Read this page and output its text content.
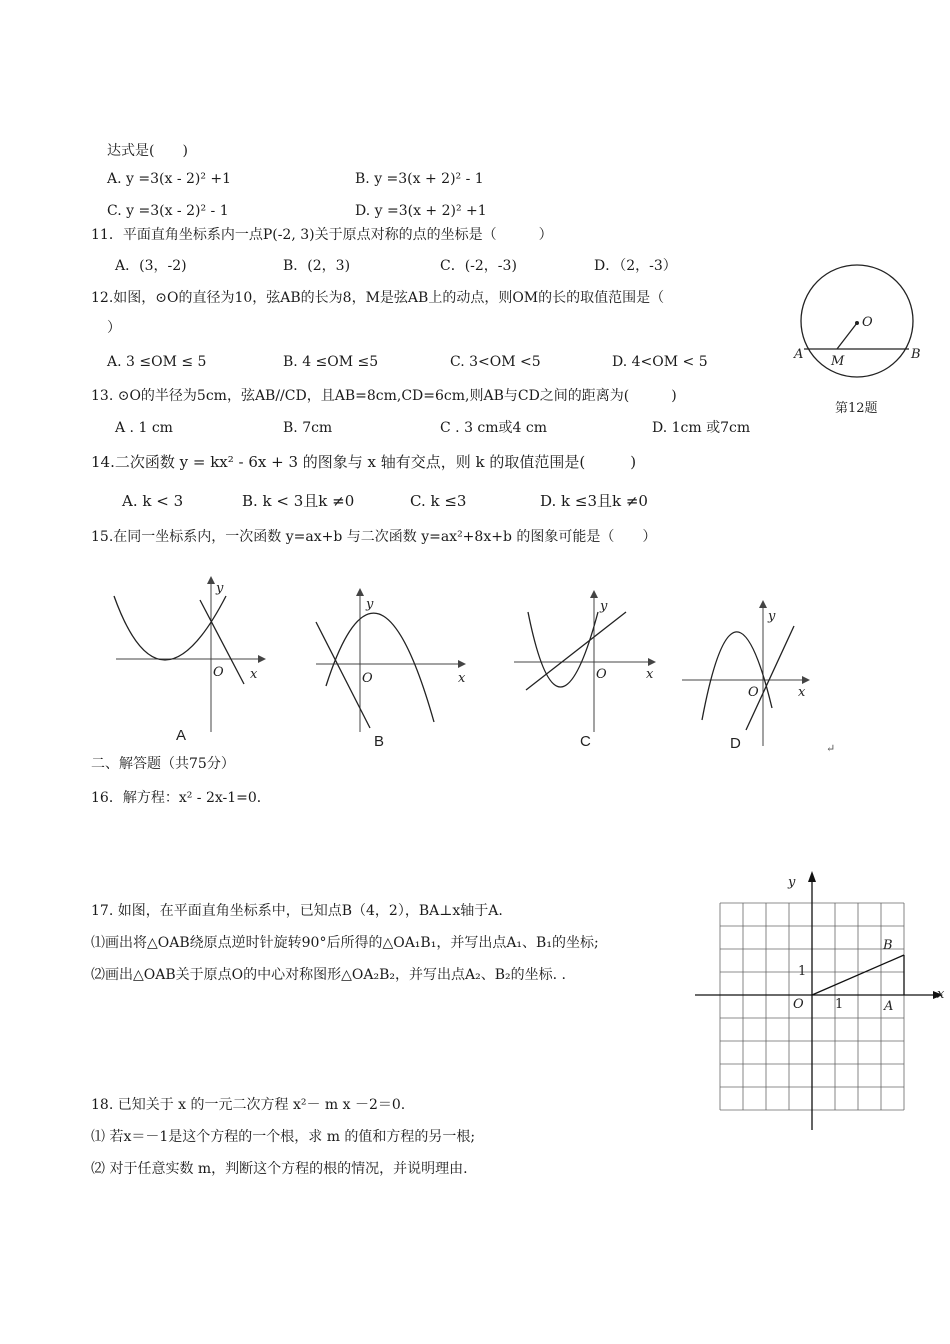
达式是(　　)
A. y =3(x - 2)² +1	B. y =3(x + 2)² - 1
C. y =3(x - 2)² - 1	D. y =3(x + 2)² +1
11．平面直角坐标系内一点P(-2, 3)关于原点对称的点的坐标是（　　　）
A．(3，-2)	B．(2，3)	C．(-2，-3)	D．（2，-3）
12.如图，⊙O的直径为10，弦AB的长为8，M是弦AB上的动点，则OM的长的取值范围是（
）
A. 3 ≤OM ≤ 5	B. 4 ≤OM ≤5	C. 3<OM <5	D. 4<OM < 5
O
A M	B
第12题
13. ⊙O的半径为5cm，弦AB//CD，且AB=8cm,CD=6cm,则AB与CD之间的距离为(　　　)
A . 1 cm	B. 7cm	C . 3 cm或4 cm	D. 1cm 或7cm
14.二次函数 y = kx² - 6x + 3 的图象与 x 轴有交点，则 k 的取值范围是(　　　)
A. k < 3	B. k < 3且k ≠0	C. k ≤3	D. k ≤3且k ≠0
15.在同一坐标系内，一次函数 y=ax+b 与二次函数 y=ax²+8x+b 的图象可能是（　　）
y
O x
A
y
O	x
B
y
O	x
C
y
O	x
D	↵
二、解答题（共75分）
16．解方程：x² - 2x-1=0．
17. 如图，在平面直角坐标系中，已知点B（4，2），BA⊥x轴于A.
⑴画出将△OAB绕原点逆时针旋转90°后所得的△OA₁B₁，并写出点A₁、B₁的坐标;
⑵画出△OAB关于原点O的中心对称图形△OA₂B₂，并写出点A₂、B₂的坐标. .
y
x
O	A
B
1
1
18. 已知关于 x 的一元二次方程 x²－ m x －2＝0.
⑴ 若x＝－1是这个方程的一个根，求 m 的值和方程的另一根;
⑵ 对于任意实数 m，判断这个方程的根的情况，并说明理由.
